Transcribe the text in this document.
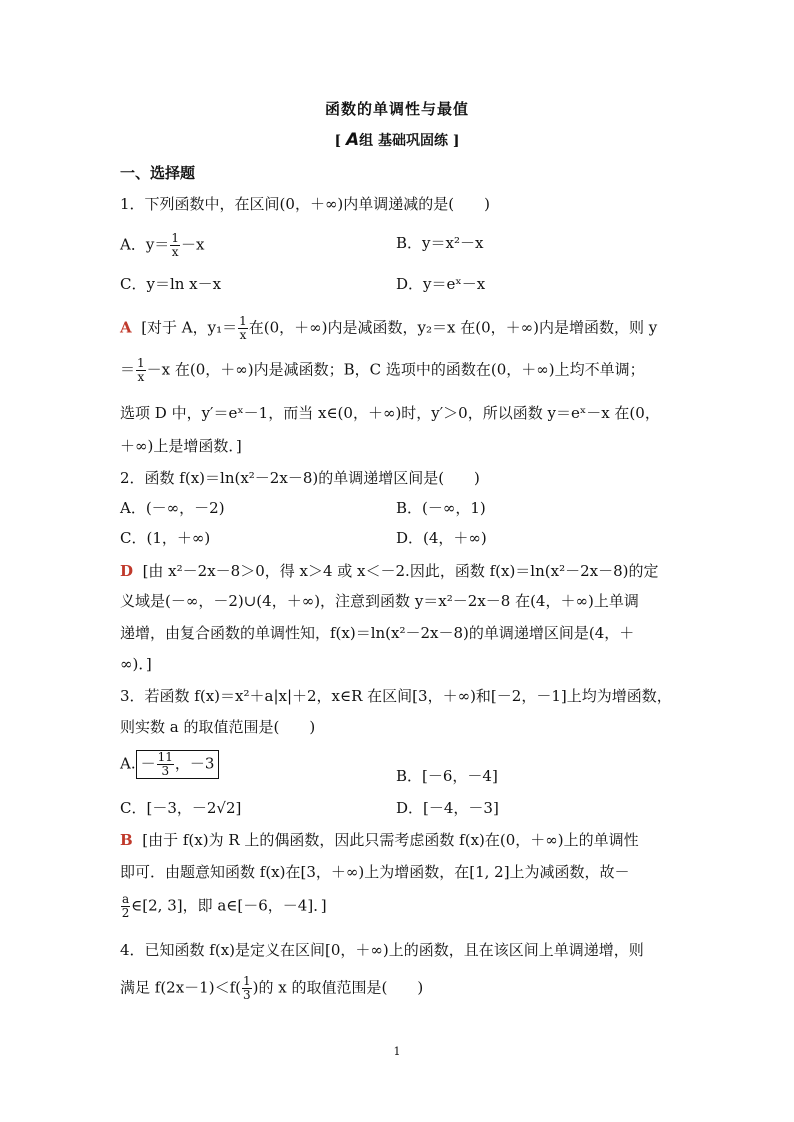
函数的单调性与最值
[ A组 基础巩固练 ]
一、选择题
1．下列函数中，在区间(0，＋∞)内单调递减的是(　　)
A．$y= \frac{1}{x} -x$	B．y＝x²－x
C．y＝ln x－x	D．y＝eˣ－x
A [对于 A，$y_1= \frac{1}{x}$ 在(0，＋∞)内是减函数，y₂＝x 在(0，＋∞)内是增函数，则 y
＝ $\frac{1}{x} -x$ 在(0，＋∞)内是减函数；B，C 选项中的函数在(0，＋∞)上均不单调；
选项 D 中，y′＝eˣ－1，而当 x∈(0，＋∞)时，y′＞0，所以函数 y＝eˣ－x 在(0，
＋∞)上是增函数．]
2．函数 f(x)＝ln(x²－2x－8)的单调递增区间是(　　)
A．(－∞，－2)	B．(－∞，1)
C．(1，＋∞)	D．(4，＋∞)
D [由 x²－2x－8＞0，得 x＞4 或 x＜－2.因此，函数 f(x)＝ln(x²－2x－8)的定
义域是(－∞，－2)∪(4，＋∞)，注意到函数 y＝x²－2x－8 在(4，＋∞)上单调
递增，由复合函数的单调性知，f(x)＝ln(x²－2x－8)的单调递增区间是(4，＋
∞)．]
3．若函数 f(x)＝x²＋a|x|＋2，x∈R 在区间[3，＋∞)和[－2，－1]上均为增函数，
则实数 a 的取值范围是(　　)
A. － $\frac{11}{3}$ ，－3
B．[－6，－4]
C．[－3，－2√2]	D．[－4，－3]
B [由于 f(x)为 R 上的偶函数，因此只需考虑函数 f(x)在(0，＋∞)上的单调性
即可．由题意知函数 f(x)在[3，＋∞)上为增函数，在[1, 2]上为减函数，故－
$\frac{a}{2}$ ∈[2, 3]，即 a∈[－6，－4]．]
4．已知函数 f(x)是定义在区间[0，＋∞)上的函数，且在该区间上单调递增，则
满足 $f(2x-1)<f( \frac{1}{3}$ )的 x 的取值范围是(　　)
1
